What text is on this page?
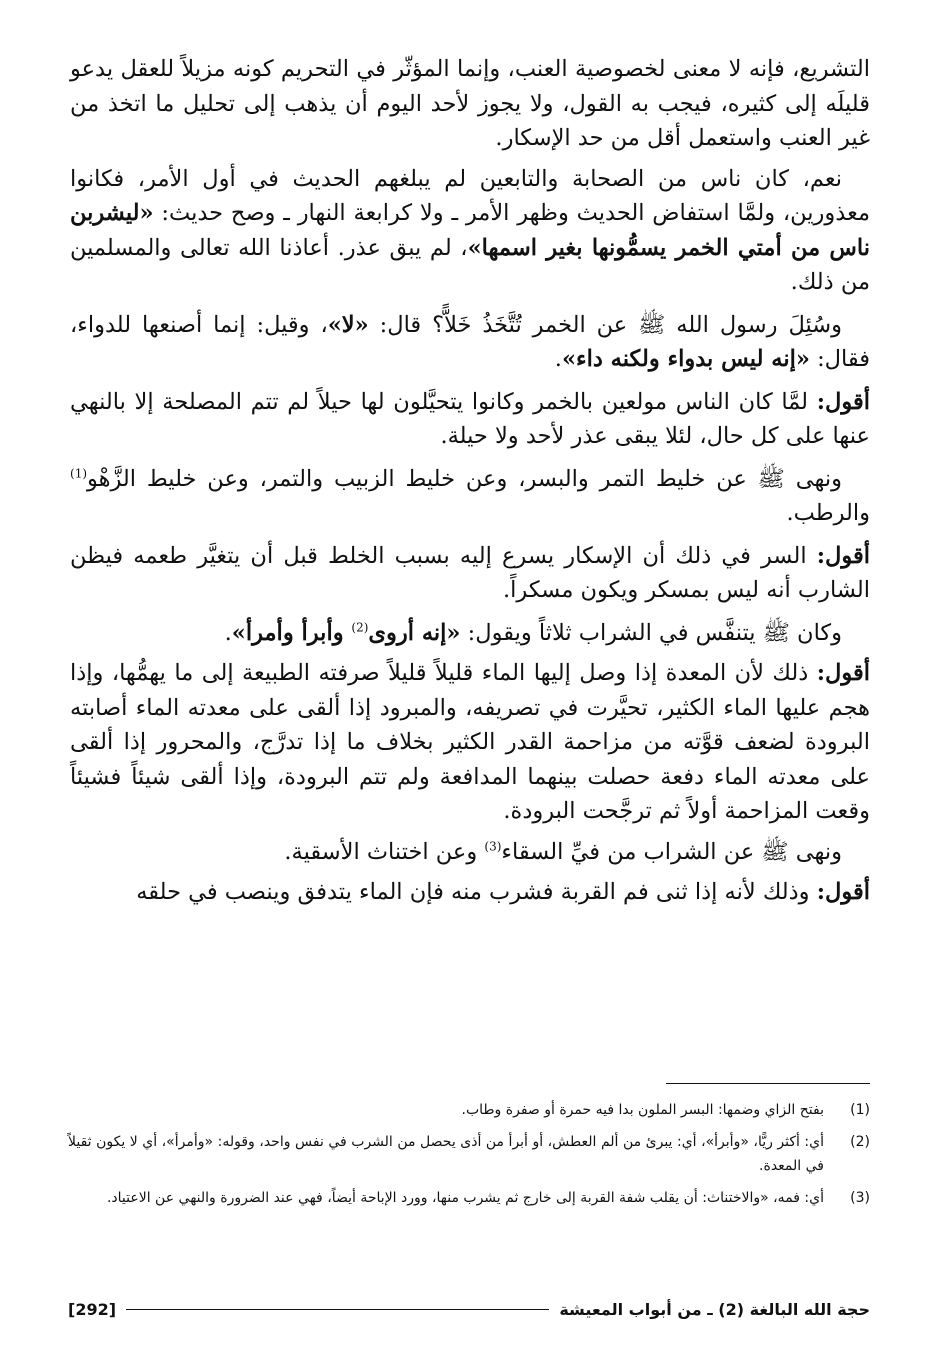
التشريع، فإنه لا معنى لخصوصية العنب، وإنما المؤثّر في التحريم كونه مزيلاً للعقل يدعو قليلَه إلى كثيره، فيجب به القول، ولا يجوز لأحد اليوم أن يذهب إلى تحليل ما اتخذ من غير العنب واستعمل أقل من حد الإسكار.

نعم، كان ناس من الصحابة والتابعين لم يبلغهم الحديث في أول الأمر، فكانوا معذورين، ولمَّا استفاض الحديث وظهر الأمر ـ ولا كرابعة النهار ـ وصح حديث: «ليشربن ناس من أمتي الخمر يسمُّونها بغير اسمها»، لم يبق عذر. أعاذنا الله تعالى والمسلمين من ذلك.

وسُئِلَ رسول الله ﷺ عن الخمر تُتَّخَذُ خَلاًّ؟ قال: «لا»، وقيل: إنما أصنعها للدواء، فقال: «إنه ليس بدواء ولكنه داء».

أقول: لمَّا كان الناس مولعين بالخمر وكانوا يتحيَّلون لها حيلاً لم تتم المصلحة إلا بالنهي عنها على كل حال، لئلا يبقى عذر لأحد ولا حيلة.

ونهى ﷺ عن خليط التمر والبسر، وعن خليط الزبيب والتمر، وعن خليط الزَّهْو$^{(1)}$ والرطب.

أقول: السر في ذلك أن الإسكار يسرع إليه بسبب الخلط قبل أن يتغيَّر طعمه فيظن الشارب أنه ليس بمسكر ويكون مسكراً.

وكان ﷺ يتنفَّس في الشراب ثلاثاً ويقول: «إنه أروى$^{(2)}$ وأبرأ وأمرأ».

أقول: ذلك لأن المعدة إذا وصل إليها الماء قليلاً قليلاً صرفته الطبيعة إلى ما يهمُّها، وإذا هجم عليها الماء الكثير، تحيَّرت في تصريفه، والمبرود إذا ألقى على معدته الماء أصابته البرودة لضعف قوَّته من مزاحمة القدر الكثير بخلاف ما إذا تدرَّج، والمحرور إذا ألقى على معدته الماء دفعة حصلت بينهما المدافعة ولم تتم البرودة، وإذا ألقى شيئاً فشيئاً وقعت المزاحمة أولاً ثم ترجَّحت البرودة.

ونهى ﷺ عن الشراب من فيِّ السقاء$^{(3)}$ وعن اختناث الأسقية.

أقول: وذلك لأنه إذا ثنى فم القربة فشرب منه فإن الماء يتدفق وينصب في حلقه

(1)
بفتح الزاي وضمها: البسر الملون بدا فيه حمرة أو صفرة وطاب.
(2)
أي: أكثر ريًّا، «وأبرأ»، أي: يبرئ من ألم العطش، أو أبرأ من أذى يحصل من الشرب في نفس واحد، وقوله: «وأمرأ»، أي لا يكون ثقيلاً في المعدة.
(3)
أي: فمه، «والاختناث: أن يقلب شفة القربة إلى خارج ثم يشرب منها، وورد الإباحة أيضاً، فهي عند الضرورة والنهي عن الاعتياد.
حجة الله البالغة (2) ـ من أبواب المعيشة
[292]
